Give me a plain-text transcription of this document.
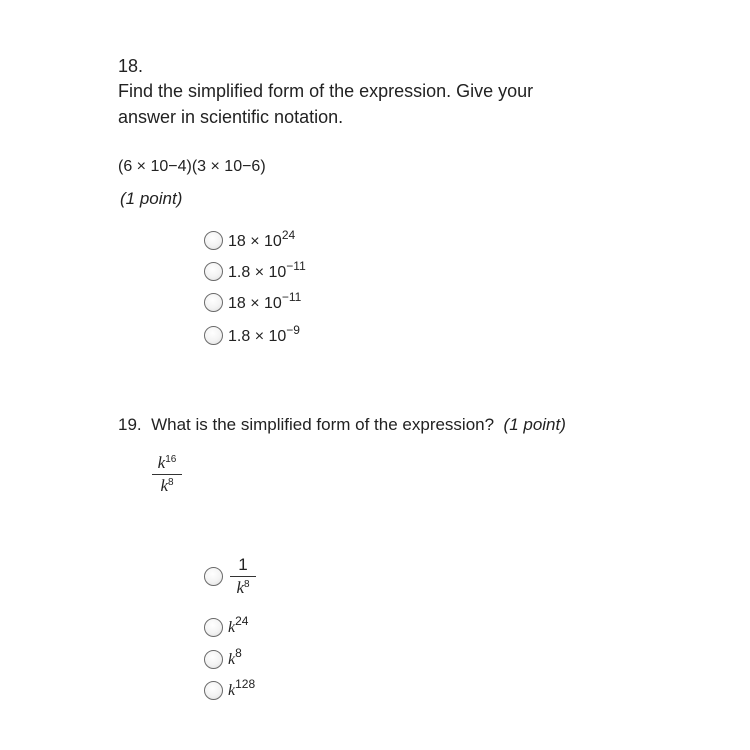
18.
Find the simplified form of the expression. Give your
answer in scientific notation.
(6 × 10−4)(3 × 10−6)
(1 point)
$18 \times 10^{24}$
$1.8 \times 10^{-11}$
$18 \times 10^{-11}$
$1.8 \times 10^{-9}$
19. What is the simplified form of the expression? (1 point)
$k^{16}$
$k^8$
1
$k^8$
$k^{24}$
$k^8$
$k^{128}$
